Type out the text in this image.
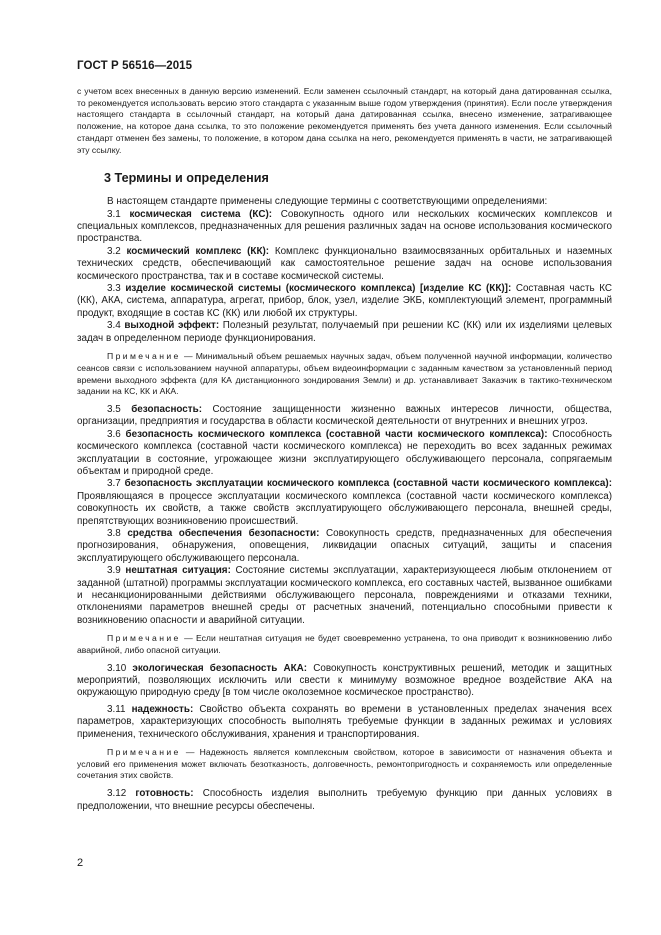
ГОСТ Р 56516—2015

с учетом всех внесенных в данную версию изменений. Если заменен ссылочный стандарт, на который дана датированная ссылка, то рекомендуется использовать версию этого стандарта с указанным выше годом утверждения (принятия). Если после утверждения настоящего стандарта в ссылочный стандарт, на который дана датированная ссылка, внесено изменение, затрагивающее положение, на которое дана ссылка, то это положение рекомендуется применять без учета данного изменения. Если ссылочный стандарт отменен без замены, то положение, в котором дана ссылка на него, рекомендуется применять в части, не затрагивающей эту ссылку.

3 Термины и определения

В настоящем стандарте применены следующие термины с соответствующими определениями:

3.1 космическая система (КС): Совокупность одного или нескольких космических комплексов и специальных комплексов, предназначенных для решения различных задач на основе использования космического пространства.

3.2 космический комплекс (КК): Комплекс функционально взаимосвязанных орбитальных и наземных технических средств, обеспечивающий как самостоятельное решение задач на основе использования космического пространства, так и в составе космической системы.

3.3 изделие космической системы (космического комплекса) [изделие КС (КК)]: Составная часть КС (КК), АКА, система, аппаратура, агрегат, прибор, блок, узел, изделие ЭКБ, комплектующий элемент, программный продукт, входящие в состав КС (КК) или любой их структуры.

3.4 выходной эффект: Полезный результат, получаемый при решении КС (КК) или их изделиями целевых задач в определенном периоде функционирования.

Примечание — Минимальный объем решаемых научных задач, объем полученной научной информации, количество сеансов связи с использованием научной аппаратуры, объем видеоинформации с заданным качеством за установленный период времени выходного эффекта (для КА дистанционного зондирования Земли) и др. устанавливает Заказчик в тактико-техническом задании на КС, КК и АКА.

3.5 безопасность: Состояние защищенности жизненно важных интересов личности, общества, организации, предприятия и государства в области космической деятельности от внутренних и внешних угроз.

3.6 безопасность космического комплекса (составной части космического комплекса): Способность космического комплекса (составной части космического комплекса) не переходить во всех заданных режимах эксплуатации в состояние, угрожающее жизни эксплуатирующего обслуживающего персонала, сопрягаемым объектам и природной среде.

3.7 безопасность эксплуатации космического комплекса (составной части космического комплекса): Проявляющаяся в процессе эксплуатации космического комплекса (составной части космического комплекса) совокупность их свойств, а также свойств эксплуатирующего обслуживающего персонала, внешней среды, препятствующих возникновению происшествий.

3.8 средства обеспечения безопасности: Совокупность средств, предназначенных для обеспечения прогнозирования, обнаружения, оповещения, ликвидации опасных ситуаций, защиты и спасения эксплуатирующего обслуживающего персонала.

3.9 нештатная ситуация: Состояние системы эксплуатации, характеризующееся любым отклонением от заданной (штатной) программы эксплуатации космического комплекса, его составных частей, вызванное ошибками и несанкционированными действиями обслуживающего персонала, повреждениями и отказами техники, отклонениями параметров внешней среды от расчетных значений, потенциально способными привести к возникновению опасности и аварийной ситуации.

Примечание — Если нештатная ситуация не будет своевременно устранена, то она приводит к возникновению либо аварийной, либо опасной ситуации.

3.10 экологическая безопасность АКА: Совокупность конструктивных решений, методик и защитных мероприятий, позволяющих исключить или свести к минимуму возможное вредное воздействие АКА на окружающую природную среду [в том числе околоземное космическое пространство).

3.11 надежность: Свойство объекта сохранять во времени в установленных пределах значения всех параметров, характеризующих способность выполнять требуемые функции в заданных режимах и условиях применения, технического обслуживания, хранения и транспортирования.

Примечание — Надежность является комплексным свойством, которое в зависимости от назначения объекта и условий его применения может включать безотказность, долговечность, ремонтопригодность и сохраняемость или определенные сочетания этих свойств.

3.12 готовность: Способность изделия выполнить требуемую функцию при данных условиях в предположении, что внешние ресурсы обеспечены.

2
